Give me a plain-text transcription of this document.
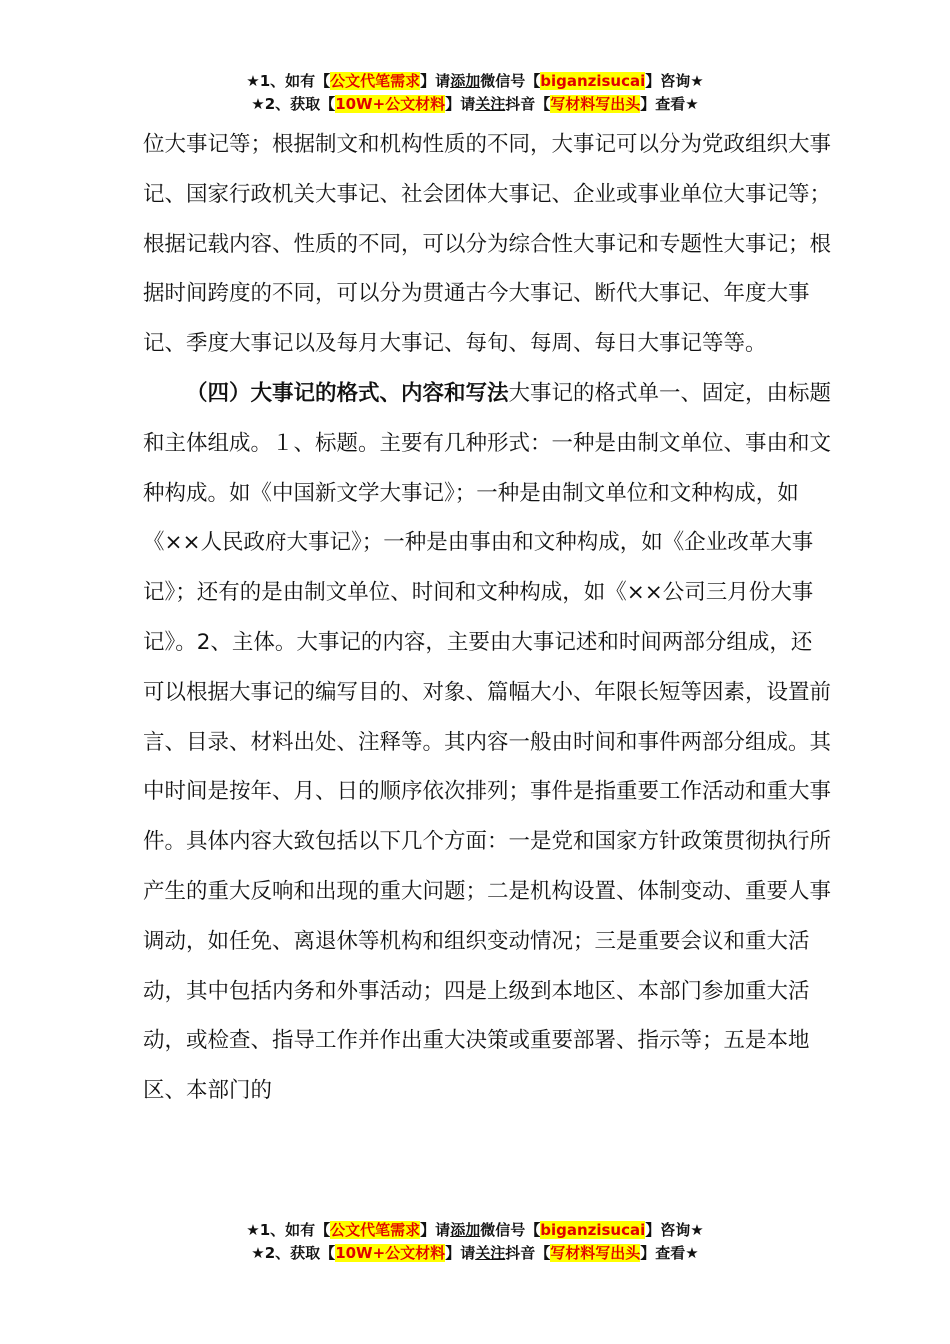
★1、如有【公文代笔需求】请添加微信号【biganzisucai】咨询★
★2、获取【10W+公文材料】请关注抖音【写材料写出头】查看★

位大事记等；根据制文和机构性质的不同，大事记可以分为党政组织大事记、国家行政机关大事记、社会团体大事记、企业或事业单位大事记等；根据记载内容、性质的不同，可以分为综合性大事记和专题性大事记；根据时间跨度的不同，可以分为贯通古今大事记、断代大事记、年度大事记、季度大事记以及每月大事记、每旬、每周、每日大事记等等。

（四）大事记的格式、内容和写法大事记的格式单一、固定，由标题和主体组成。１、标题。主要有几种形式：一种是由制文单位、事由和文种构成。如《中国新文学大事记》；一种是由制文单位和文种构成，如《××人民政府大事记》；一种是由事由和文种构成，如《企业改革大事记》；还有的是由制文单位、时间和文种构成，如《××公司三月份大事记》。2、主体。大事记的内容，主要由大事记述和时间两部分组成，还可以根据大事记的编写目的、对象、篇幅大小、年限长短等因素，设置前言、目录、材料出处、注释等。其内容一般由时间和事件两部分组成。其中时间是按年、月、日的顺序依次排列；事件是指重要工作活动和重大事件。具体内容大致包括以下几个方面：一是党和国家方针政策贯彻执行所产生的重大反响和出现的重大问题；二是机构设置、体制变动、重要人事调动，如任免、离退休等机构和组织变动情况；三是重要会议和重大活动，其中包括内务和外事活动；四是上级到本地区、本部门参加重大活动，或检查、指导工作并作出重大决策或重要部署、指示等；五是本地区、本部门的

★1、如有【公文代笔需求】请添加微信号【biganzisucai】咨询★
★2、获取【10W+公文材料】请关注抖音【写材料写出头】查看★
